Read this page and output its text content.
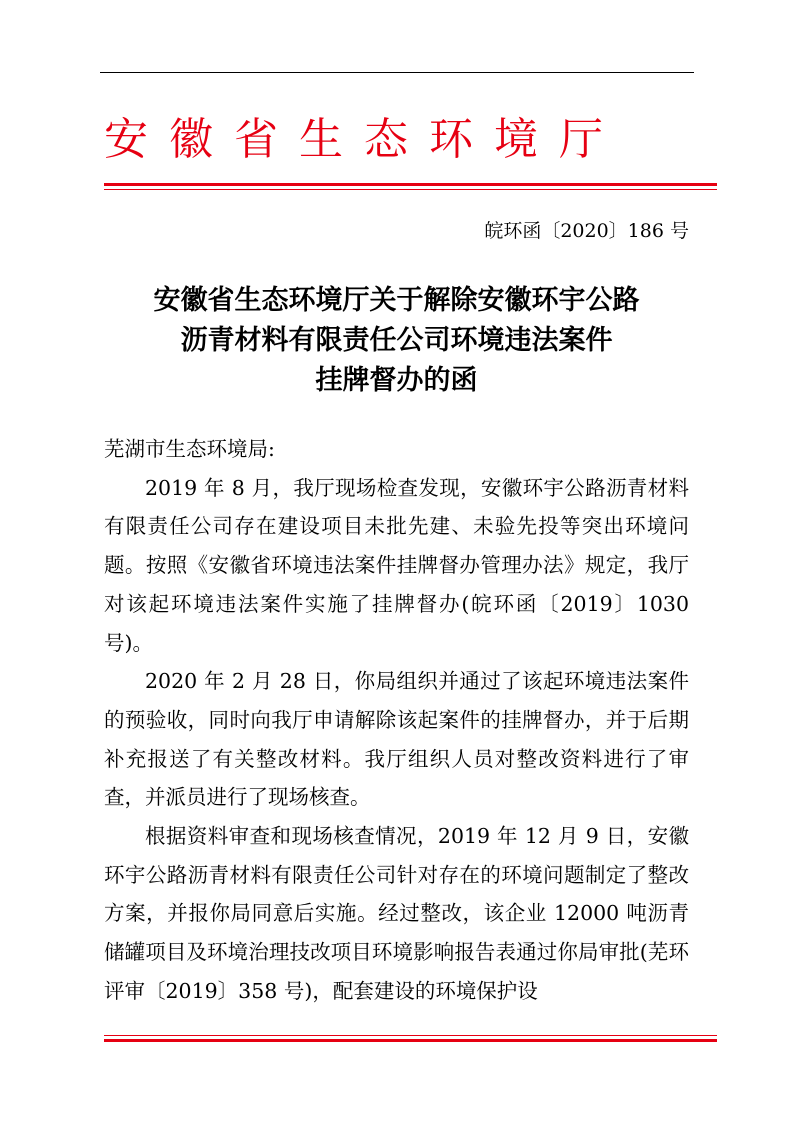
安徽省生态环境厅
皖环函〔2020〕186 号
安徽省生态环境厅关于解除安徽环宇公路
沥青材料有限责任公司环境违法案件
挂牌督办的函

芜湖市生态环境局:

2019 年 8 月，我厅现场检查发现，安徽环宇公路沥青材料有限责任公司存在建设项目未批先建、未验先投等突出环境问题。按照《安徽省环境违法案件挂牌督办管理办法》规定，我厅对该起环境违法案件实施了挂牌督办(皖环函〔2019〕1030 号)。

2020 年 2 月 28 日，你局组织并通过了该起环境违法案件的预验收，同时向我厅申请解除该起案件的挂牌督办，并于后期补充报送了有关整改材料。我厅组织人员对整改资料进行了审查，并派员进行了现场核查。

根据资料审查和现场核查情况，2019 年 12 月 9 日，安徽环宇公路沥青材料有限责任公司针对存在的环境问题制定了整改方案，并报你局同意后实施。经过整改，该企业 12000 吨沥青储罐项目及环境治理技改项目环境影响报告表通过你局审批(芜环评审〔2019〕358 号)，配套建设的环境保护设
